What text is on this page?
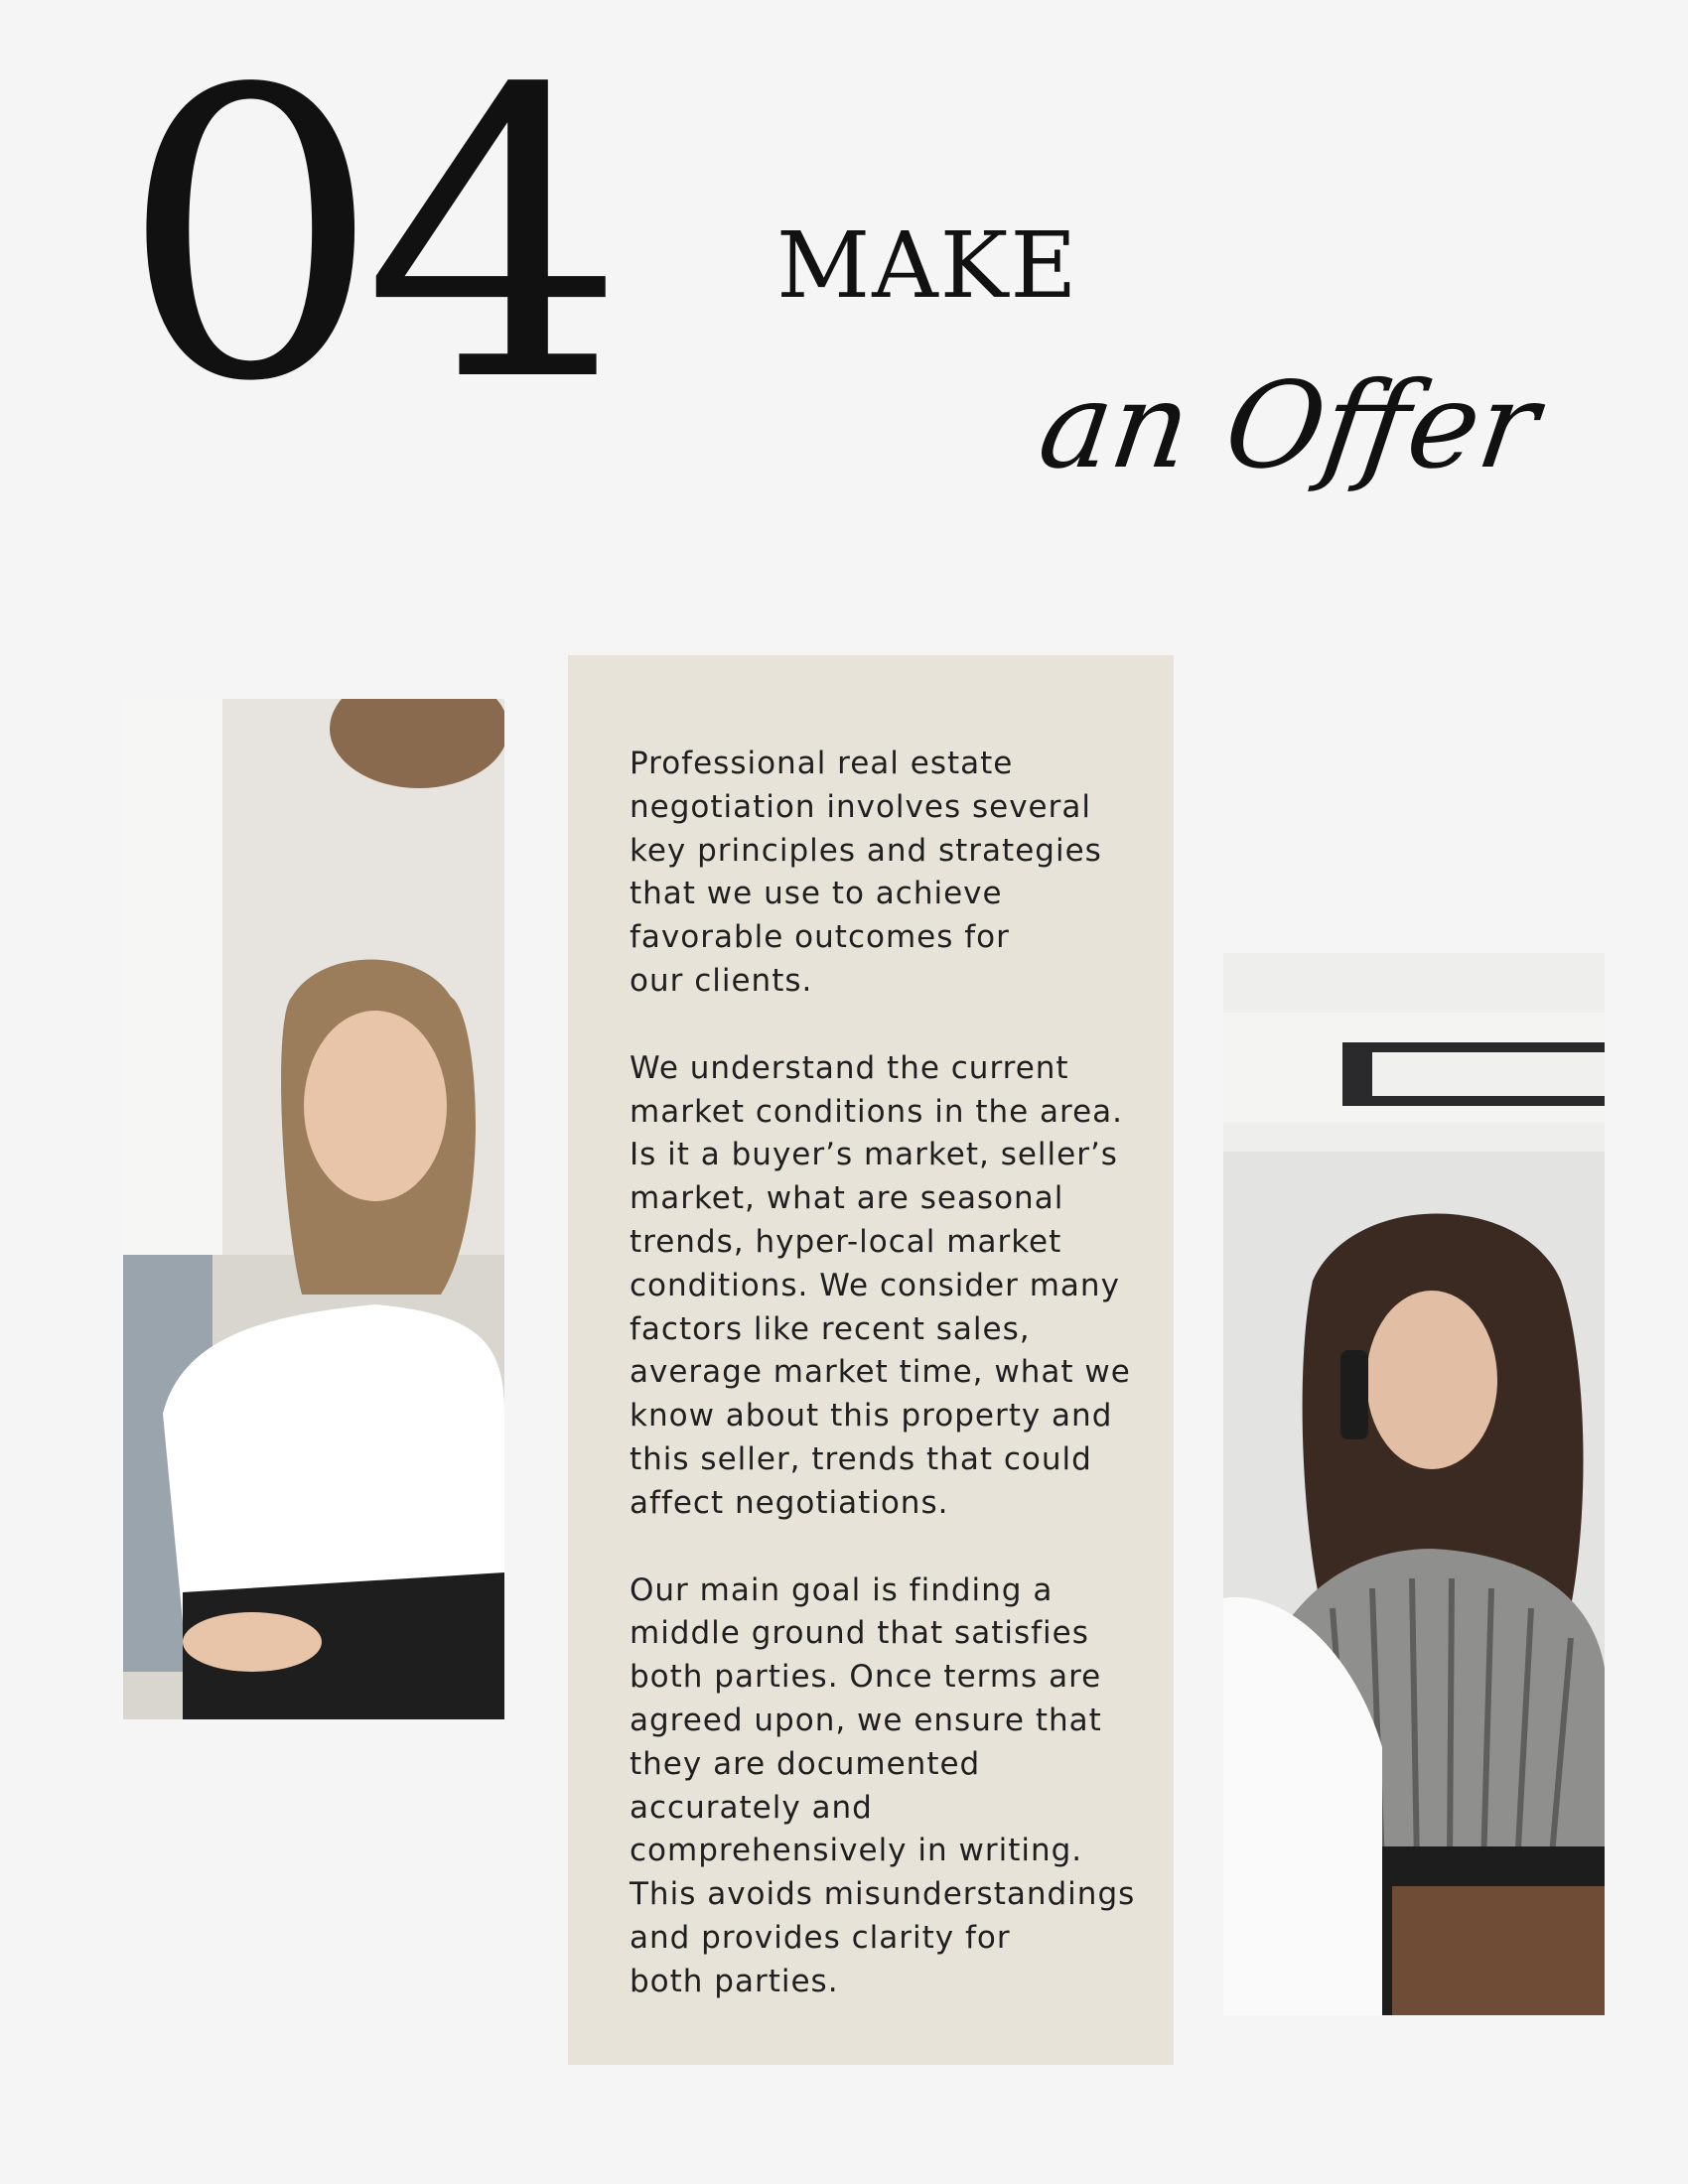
04 MAKE
an Offer

Professional real estate
negotiation involves several
key principles and strategies
that we use to achieve
favorable outcomes for
our clients.

We understand the current
market conditions in the area.
Is it a buyer’s market, seller’s
market, what are seasonal
trends, hyper-local market
conditions. We consider many
factors like recent sales,
average market time, what we
know about this property and
this seller, trends that could
affect negotiations.

Our main goal is finding a
middle ground that satisfies
both parties. Once terms are
agreed upon, we ensure that
they are documented
accurately and
comprehensively in writing.
This avoids misunderstandings
and provides clarity for
both parties.
